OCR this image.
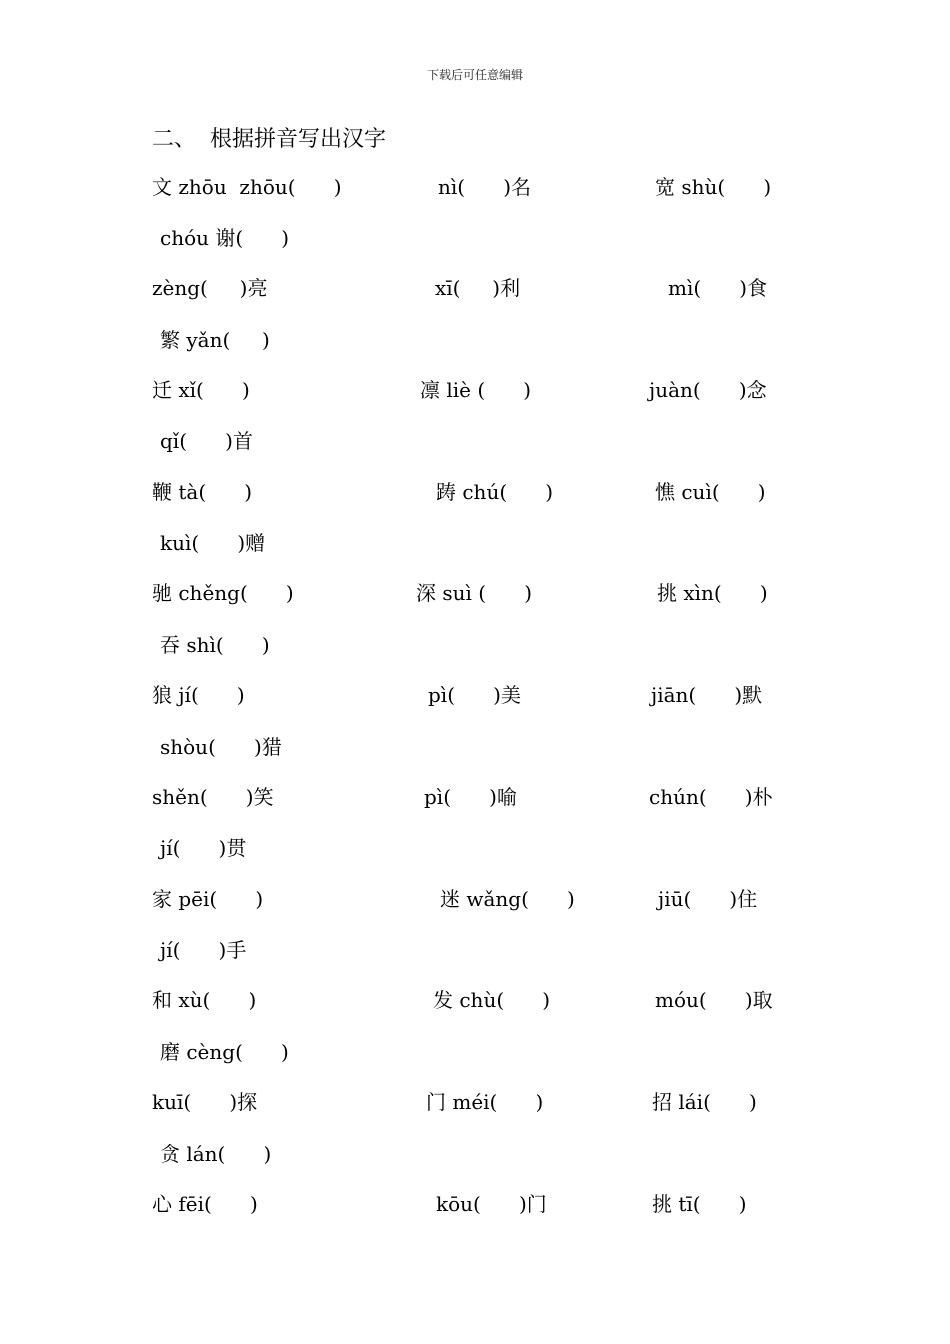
下载后可任意编辑
二、  根据拼音写出汉字
文 zhōu  zhōu(      )	nì(      )名	宽 shù(      )
chóu 谢(      )
zèng(     )亮	xī(     )利	mì(      )食
繁 yǎn(     )
迁 xǐ(      )	凛 liè (      )	juàn(      )念
qǐ(      )首
鞭 tà(      )	踌 chú(      )	憔 cuì(      )
kuì(      )赠
驰 chěng(      )	深 suì (      )	挑 xìn(      )
吞 shì(      )
狼 jí(      )	pì(      )美	jiān(      )默
shòu(      )猎
shěn(      )笑	pì(      )喻	chún(      )朴
jí(      )贯
家 pēi(      )	迷 wǎng(      )	jiū(      )住
jí(      )手
和 xù(      )	发 chù(      )	móu(      )取
磨 cèng(      )
kuī(      )探	门 méi(      )	招 lái(      )
贪 lán(      )
心 fēi(      )	kōu(      )门	挑 tī(      )
